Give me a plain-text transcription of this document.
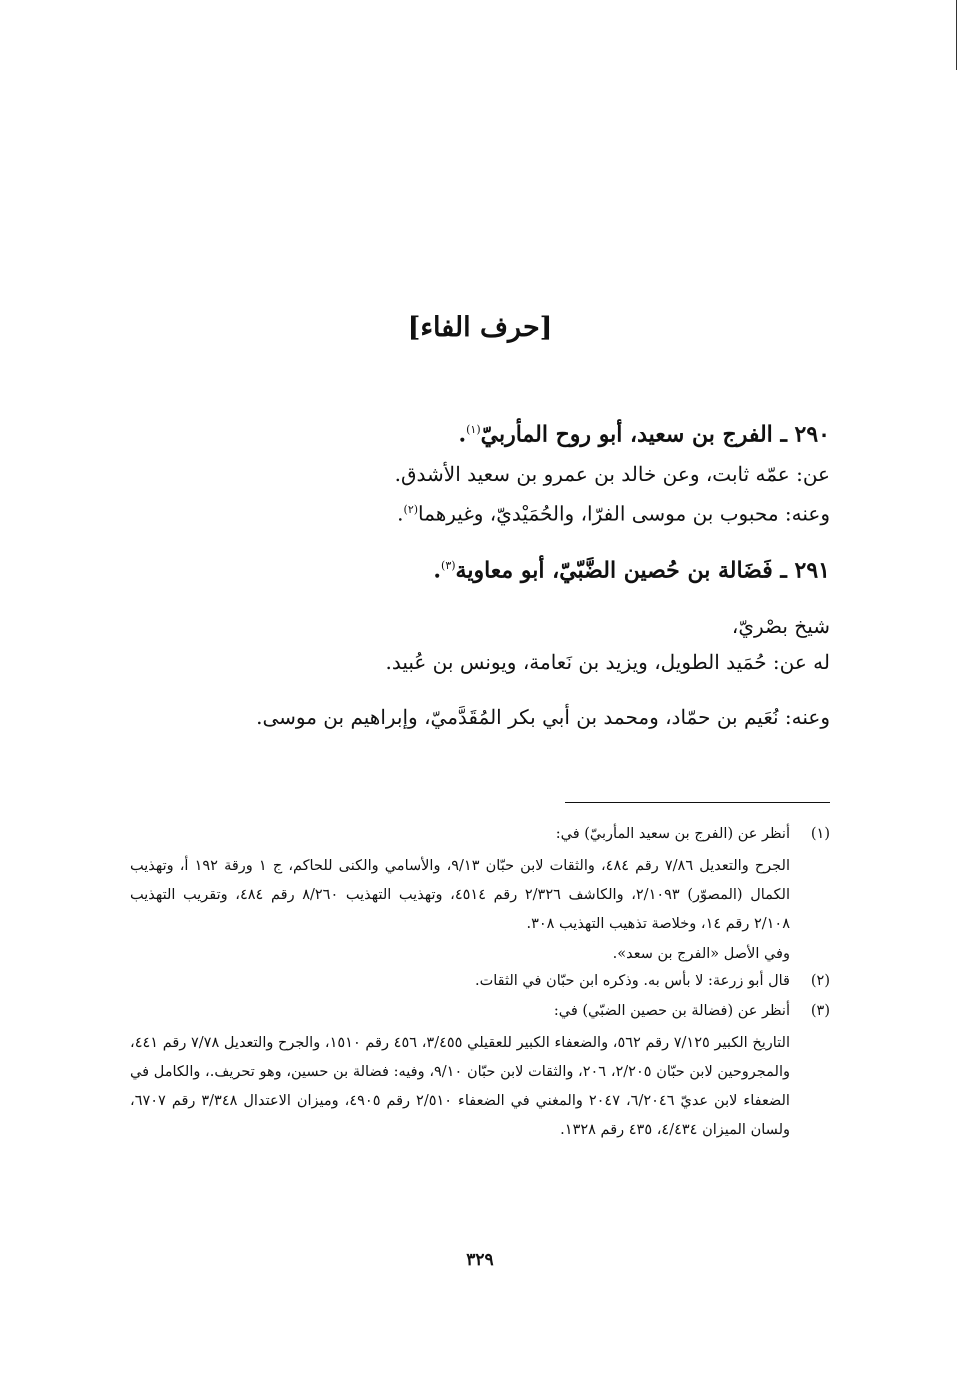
[حرف الفاء]
٢٩٠ ـ الفرج بن سعيد، أبو روح المأربيّ$^{(١)}$.
عن: عمّه ثابت، وعن خالد بن عمرو بن سعيد الأشدق.
وعنه: محبوب بن موسى الفرّا، والحُمَيْديّ، وغيرهما$^{(٢)}$.
٢٩١ ـ فَضَالة بن حُصين الضَّبّيّ، أبو معاوية$^{(٣)}$.
شيخ بصْريّ،
له عن: حُمَيد الطويل، ويزيد بن نَعامة، ويونس بن عُبيد.
وعنه: نُعَيم بن حمّاد، ومحمد بن أبي بكر المُقَدَّميّ، وإبراهيم بن موسى.
(١)أنظر عن (الفرج بن سعيد المأربيّ) في:
الجرح والتعديل ٧/٨٦ رقم ٤٨٤، والثقات لابن حبّان ٩/١٣، والأسامي والكنى للحاكم، ج ١ ورقة ١٩٢ أ، وتهذيب الكمال (المصوّر) ٢/١٠٩٣، والكاشف ٢/٣٢٦ رقم ٤٥١٤، وتهذيب التهذيب ٨/٢٦٠ رقم ٤٨٤، وتقريب التهذيب ٢/١٠٨ رقم ١٤، وخلاصة تذهيب التهذيب ٣٠٨.
وفي الأصل «الفرج بن سعد».
(٢)قال أبو زرعة: لا بأس به. وذكره ابن حبّان في الثقات.
(٣)أنظر عن (فضالة بن حصين الضبّي) في:
التاريخ الكبير ٧/١٢٥ رقم ٥٦٢، والضعفاء الكبير للعقيلي ٣/٤٥٥، ٤٥٦ رقم ١٥١٠، والجرح والتعديل ٧/٧٨ رقم ٤٤١، والمجروحين لابن حبّان ٢/٢٠٥، ٢٠٦، والثقات لابن حبّان ٩/١٠، وفيه: فضالة بن حسين، وهو تحريف.، والكامل في الضعفاء لابن عديّ ٦/٢٠٤٦، ٢٠٤٧ والمغني في الضعفاء ٢/٥١٠ رقم ٤٩٠٥، وميزان الاعتدال ٣/٣٤٨ رقم ٦٧٠٧، ولسان الميزان ٤/٤٣٤، ٤٣٥ رقم ١٣٢٨.
٣٢٩
